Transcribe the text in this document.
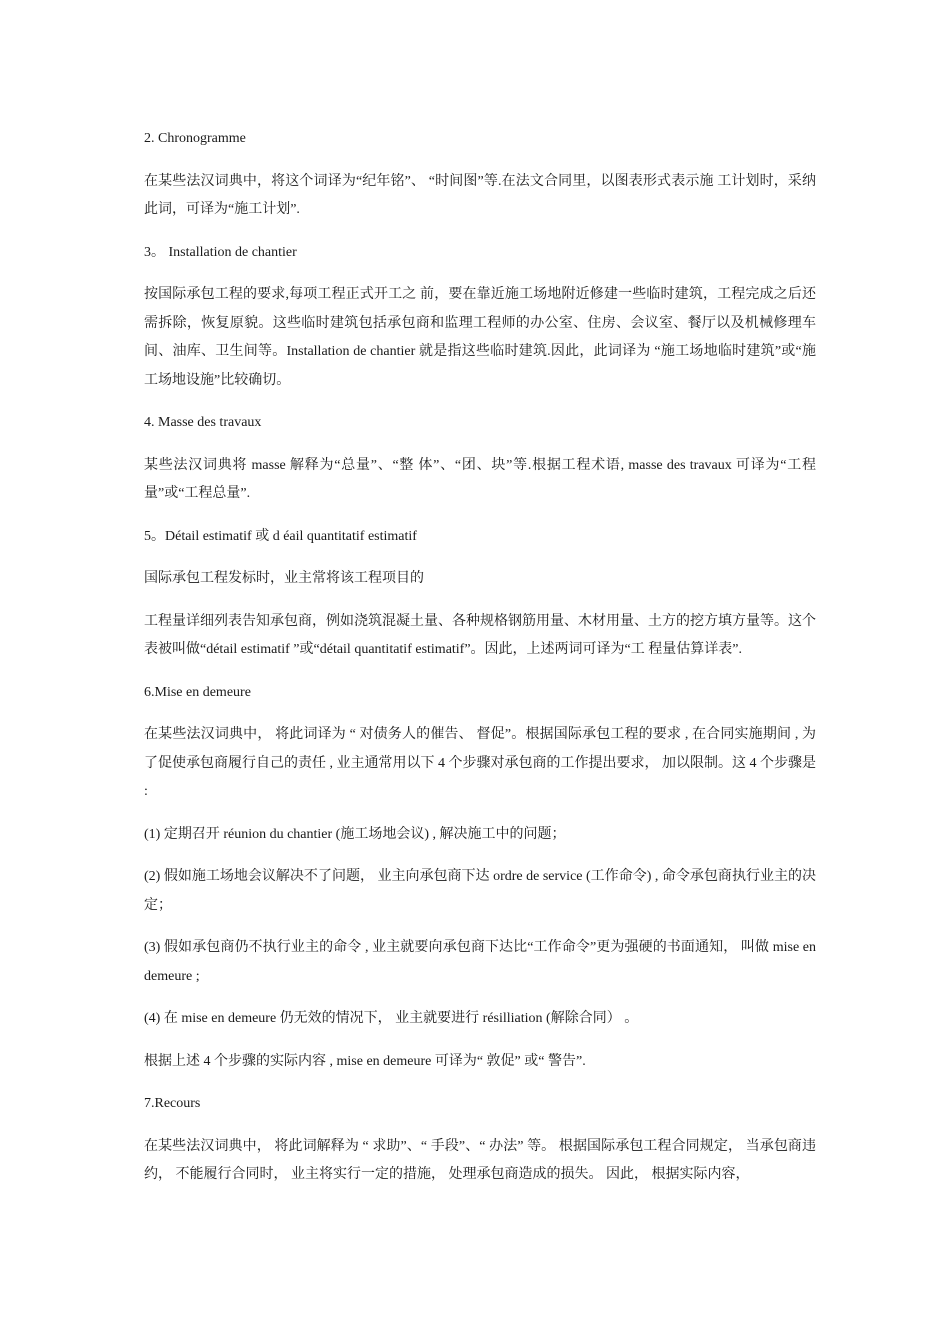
2. Chronogramme
在某些法汉词典中，将这个词译为“纪年铭”、 “时间图”等.在法文合同里，以图表形式表示施 工计划时，采纳此词，可译为“施工计划”.
3。 Installation de chantier
按国际承包工程的要求,每项工程正式开工之 前，要在靠近施工场地附近修建一些临时建筑，工程完成之后还需拆除，恢复原貌。这些临时建筑包括承包商和监理工程师的办公室、住房、会议室、餐厅以及机械修理车间、油库、卫生间等。Installation de chantier 就是指这些临时建筑.因此，此词译为 “施工场地临时建筑”或“施工场地设施”比较确切。
4. Masse des travaux
某些法汉词典将 masse 解释为“总量”、“整 体”、“团、块”等.根据工程术语, masse des travaux 可译为“工程量”或“工程总量”.
5。Détail estimatif 或 d éail quantitatif estimatif
国际承包工程发标时，业主常将该工程项目的
工程量详细列表告知承包商，例如浇筑混凝土量、各种规格钢筋用量、木材用量、土方的挖方填方量等。这个表被叫做“détail estimatif ”或“détail quantitatif estimatif”。因此，上述两词可译为“工 程量估算详表”.
6.Mise en demeure
在某些法汉词典中， 将此词译为 “ 对债务人的催告、 督促”。根据国际承包工程的要求 , 在合同实施期间 , 为了促使承包商履行自己的责任 , 业主通常用以下 4 个步骤对承包商的工作提出要求， 加以限制。这 4 个步骤是 :
(1) 定期召开 réunion du chantier (施工场地会议) , 解决施工中的问题；
(2) 假如施工场地会议解决不了问题， 业主向承包商下达 ordre de service (工作命令) , 命令承包商执行业主的决定；
(3) 假如承包商仍不执行业主的命令 , 业主就要向承包商下达比“工作命令”更为强硬的书面通知， 叫做 mise en demeure ;
(4) 在 mise en demeure 仍无效的情况下， 业主就要进行 résilliation (解除合同） 。
根据上述 4 个步骤的实际内容 , mise en demeure 可译为“ 敦促” 或“ 警告”.
7.Recours
在某些法汉词典中， 将此词解释为 “ 求助”、“ 手段”、“ 办法” 等。 根据国际承包工程合同规定， 当承包商违约， 不能履行合同时， 业主将实行一定的措施， 处理承包商造成的损失。 因此， 根据实际内容，
